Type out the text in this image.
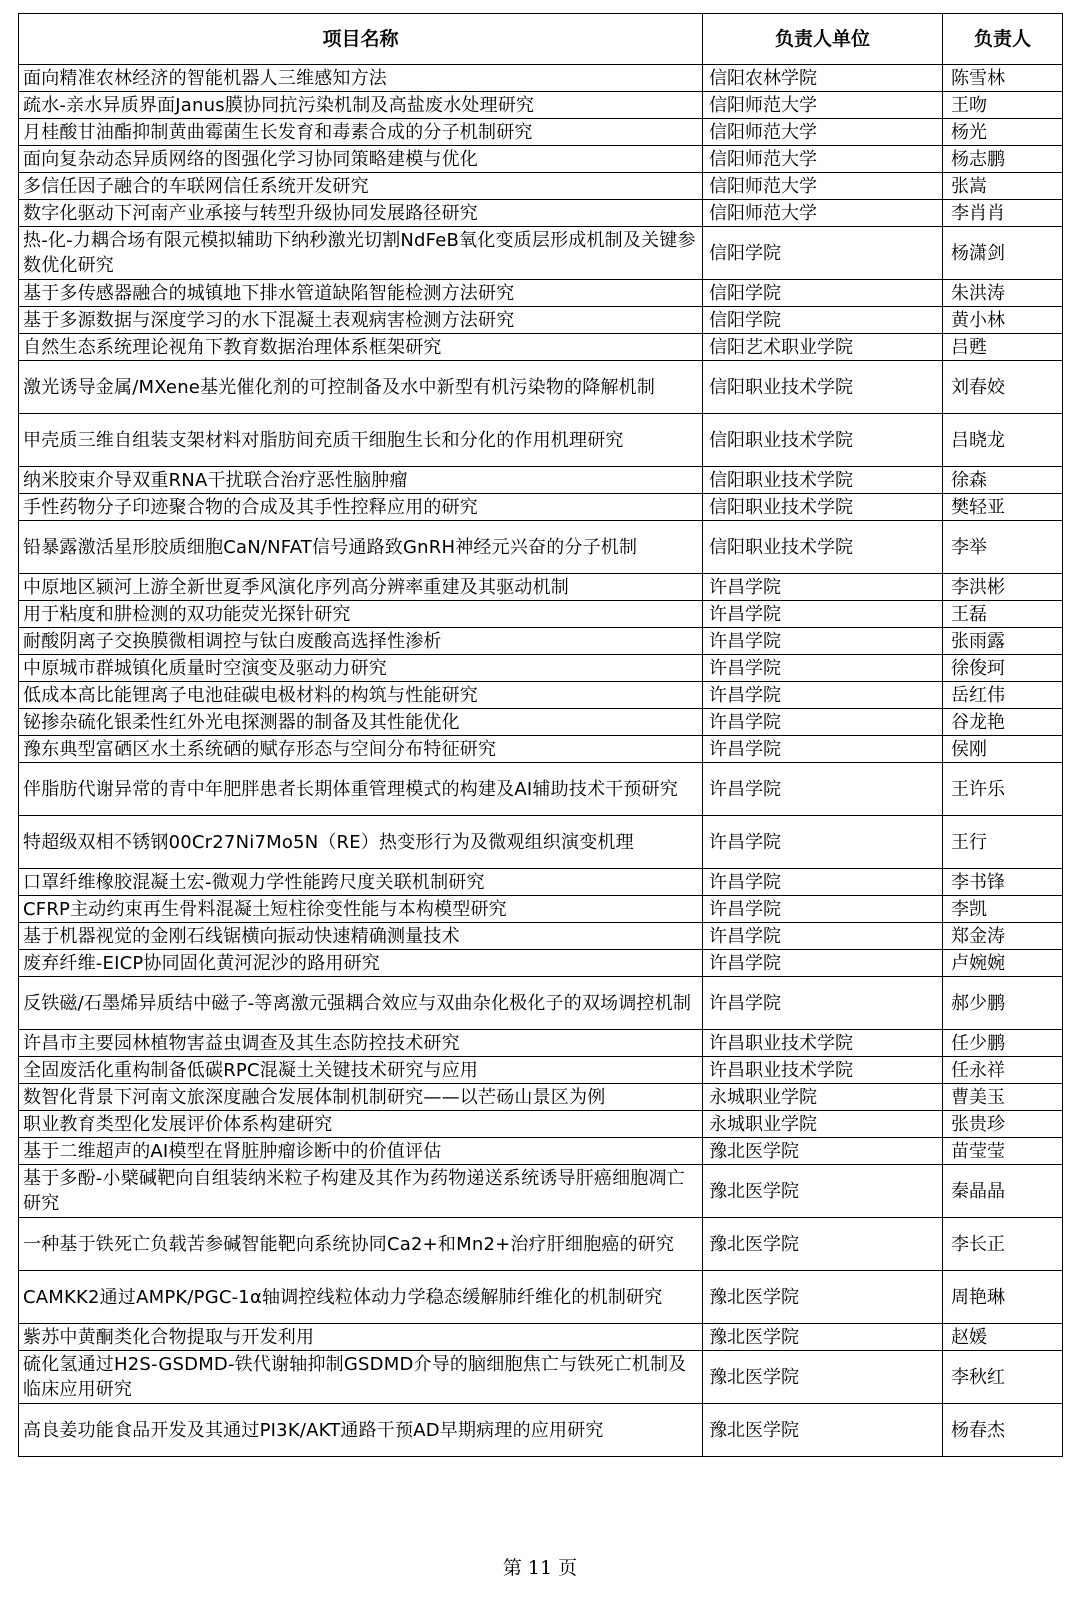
项目名称	负责人单位	负责人
面向精准农林经济的智能机器人三维感知方法	信阳农林学院	陈雪林
疏水-亲水异质界面Janus膜协同抗污染机制及高盐废水处理研究	信阳师范大学	王吻
月桂酸甘油酯抑制黄曲霉菌生长发育和毒素合成的分子机制研究	信阳师范大学	杨光
面向复杂动态异质网络的图强化学习协同策略建模与优化	信阳师范大学	杨志鹏
多信任因子融合的车联网信任系统开发研究	信阳师范大学	张嵩
数字化驱动下河南产业承接与转型升级协同发展路径研究	信阳师范大学	李肖肖
热-化-力耦合场有限元模拟辅助下纳秒激光切割NdFeB氧化变质层形成机制及关键参数优化研究	信阳学院	杨潇剑
基于多传感器融合的城镇地下排水管道缺陷智能检测方法研究	信阳学院	朱洪涛
基于多源数据与深度学习的水下混凝土表观病害检测方法研究	信阳学院	黄小林
自然生态系统理论视角下教育数据治理体系框架研究	信阳艺术职业学院	吕甦
激光诱导金属/MXene基光催化剂的可控制备及水中新型有机污染物的降解机制	信阳职业技术学院	刘春姣
甲壳质三维自组装支架材料对脂肪间充质干细胞生长和分化的作用机理研究	信阳职业技术学院	吕晓龙
纳米胶束介导双重RNA干扰联合治疗恶性脑肿瘤	信阳职业技术学院	徐森
手性药物分子印迹聚合物的合成及其手性控释应用的研究	信阳职业技术学院	樊轻亚
铅暴露激活星形胶质细胞CaN/NFAT信号通路致GnRH神经元兴奋的分子机制	信阳职业技术学院	李举
中原地区颍河上游全新世夏季风演化序列高分辨率重建及其驱动机制	许昌学院	李洪彬
用于粘度和肼检测的双功能荧光探针研究	许昌学院	王磊
耐酸阴离子交换膜微相调控与钛白废酸高选择性渗析	许昌学院	张雨露
中原城市群城镇化质量时空演变及驱动力研究	许昌学院	徐俊珂
低成本高比能锂离子电池硅碳电极材料的构筑与性能研究	许昌学院	岳红伟
铋掺杂硫化银柔性红外光电探测器的制备及其性能优化	许昌学院	谷龙艳
豫东典型富硒区水土系统硒的赋存形态与空间分布特征研究	许昌学院	侯刚
伴脂肪代谢异常的青中年肥胖患者长期体重管理模式的构建及AI辅助技术干预研究	许昌学院	王许乐
特超级双相不锈钢00Cr27Ni7Mo5N（RE）热变形行为及微观组织演变机理	许昌学院	王行
口罩纤维橡胶混凝土宏-微观力学性能跨尺度关联机制研究	许昌学院	李书锋
CFRP主动约束再生骨料混凝土短柱徐变性能与本构模型研究	许昌学院	李凯
基于机器视觉的金刚石线锯横向振动快速精确测量技术	许昌学院	郑金涛
废弃纤维-EICP协同固化黄河泥沙的路用研究	许昌学院	卢婉婉
反铁磁/石墨烯异质结中磁子-等离激元强耦合效应与双曲杂化极化子的双场调控机制	许昌学院	郝少鹏
许昌市主要园林植物害益虫调查及其生态防控技术研究	许昌职业技术学院	任少鹏
全固废活化重构制备低碳RPC混凝土关键技术研究与应用	许昌职业技术学院	任永祥
数智化背景下河南文旅深度融合发展体制机制研究——以芒砀山景区为例	永城职业学院	曹美玉
职业教育类型化发展评价体系构建研究	永城职业学院	张贵珍
基于二维超声的AI模型在肾脏肿瘤诊断中的价值评估	豫北医学院	苗莹莹
基于多酚-小檗碱靶向自组装纳米粒子构建及其作为药物递送系统诱导肝癌细胞凋亡研究	豫北医学院	秦晶晶
一种基于铁死亡负载苦参碱智能靶向系统协同Ca2+和Mn2+治疗肝细胞癌的研究	豫北医学院	李长正
CAMKK2通过AMPK/PGC-1α轴调控线粒体动力学稳态缓解肺纤维化的机制研究	豫北医学院	周艳琳
紫苏中黄酮类化合物提取与开发利用	豫北医学院	赵媛
硫化氢通过H2S-GSDMD-铁代谢轴抑制GSDMD介导的脑细胞焦亡与铁死亡机制及临床应用研究	豫北医学院	李秋红
高良姜功能食品开发及其通过PI3K/AKT通路干预AD早期病理的应用研究	豫北医学院	杨春杰
第 11 页
